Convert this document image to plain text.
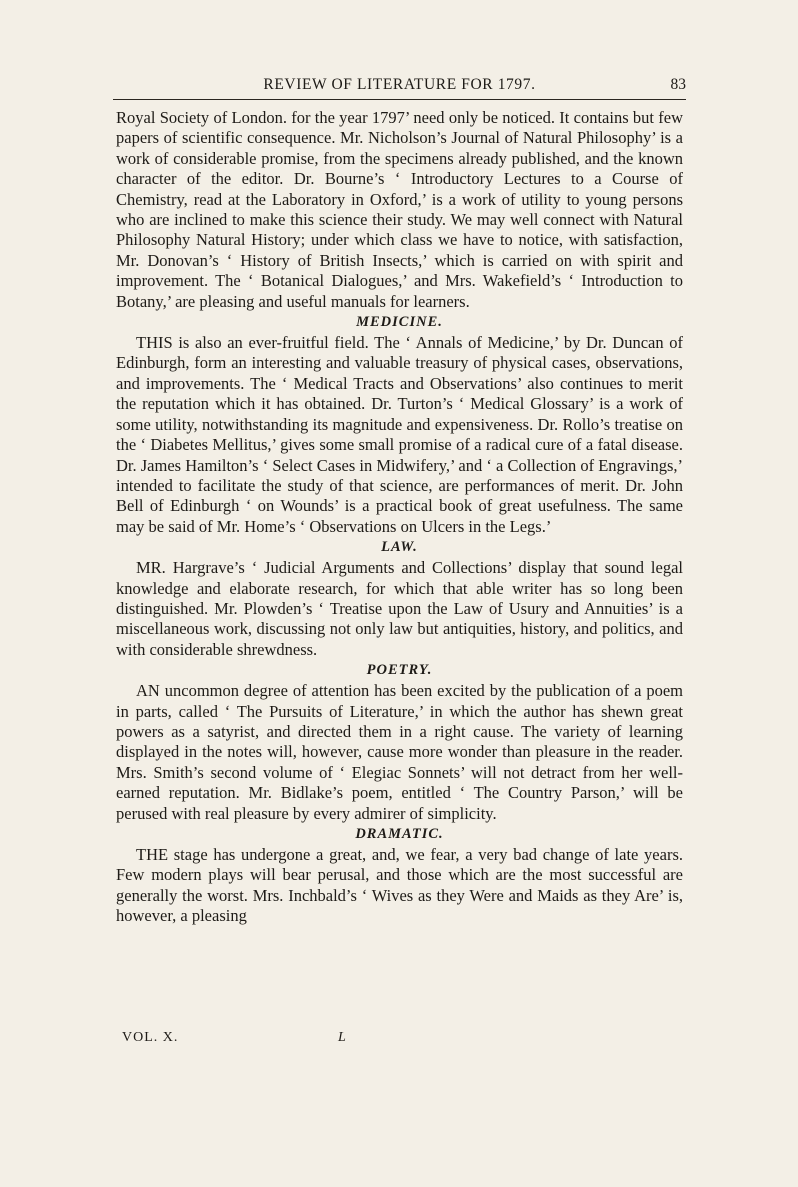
REVIEW OF LITERATURE FOR 1797.	83

Royal Society of London. for the year 1797’ need only be noticed. It contains but few papers of scientific consequence. Mr. Nicholson’s Journal of Natural Philosophy’ is a work of considerable promise, from the specimens already published, and the known character of the editor. Dr. Bourne’s ‘ Introductory Lectures to a Course of Chemistry, read at the Laboratory in Oxford,’ is a work of utility to young persons who are inclined to make this science their study. We may well connect with Natural Philosophy Natural History; under which class we have to notice, with satisfaction, Mr. Donovan’s ‘ History of British Insects,’ which is carried on with spirit and improvement. The ‘ Botanical Dialogues,’ and Mrs. Wakefield’s ‘ Introduction to Botany,’ are pleasing and useful manuals for learners.

MEDICINE.

THIS is also an ever-fruitful field. The ‘ Annals of Medicine,’ by Dr. Duncan of Edinburgh, form an interesting and valuable treasury of physical cases, observations, and improvements. The ‘ Medical Tracts and Observations’ also continues to merit the reputation which it has obtained. Dr. Turton’s ‘ Medical Glossary’ is a work of some utility, notwithstanding its magnitude and expensiveness. Dr. Rollo’s treatise on the ‘ Diabetes Mellitus,’ gives some small promise of a radical cure of a fatal disease. Dr. James Hamilton’s ‘ Select Cases in Midwifery,’ and ‘ a Collection of Engravings,’ intended to facilitate the study of that science, are performances of merit. Dr. John Bell of Edinburgh ‘ on Wounds’ is a practical book of great usefulness. The same may be said of Mr. Home’s ‘ Observations on Ulcers in the Legs.’

LAW.

MR. Hargrave’s ‘ Judicial Arguments and Collections’ display that sound legal knowledge and elaborate research, for which that able writer has so long been distinguished. Mr. Plowden’s ‘ Treatise upon the Law of Usury and Annuities’ is a miscellaneous work, discussing not only law but antiquities, history, and politics, and with considerable shrewdness.

POETRY.

AN uncommon degree of attention has been excited by the publication of a poem in parts, called ‘ The Pursuits of Literature,’ in which the author has shewn great powers as a satyrist, and directed them in a right cause. The variety of learning displayed in the notes will, however, cause more wonder than pleasure in the reader. Mrs. Smith’s second volume of ‘ Elegiac Sonnets’ will not detract from her well-earned reputation. Mr. Bidlake’s poem, entitled ‘ The Country Parson,’ will be perused with real pleasure by every admirer of simplicity.

DRAMATIC.

THE stage has undergone a great, and, we fear, a very bad change of late years. Few modern plays will bear perusal, and those which are the most successful are generally the worst. Mrs. Inchbald’s ‘ Wives as they Were and Maids as they Are’ is, however, a pleasing

VOL. X.	L
